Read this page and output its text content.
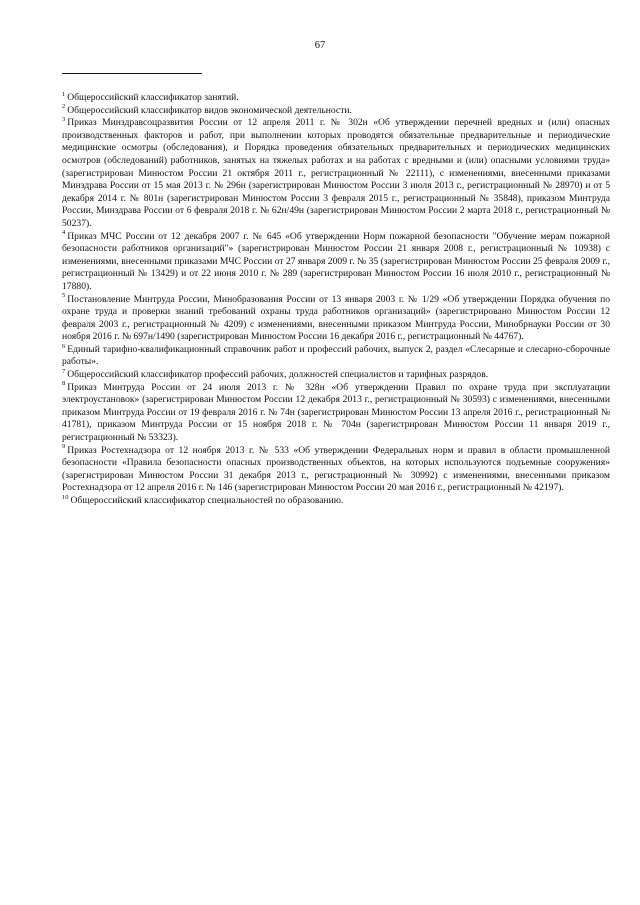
67

$^1$ Общероссийский классификатор занятий.

$^2$ Общероссийский классификатор видов экономической деятельности.

$^3$ Приказ Минздравсоцразвития России от 12 апреля 2011 г. № 302н «Об утверждении перечней вредных и (или) опасных производственных факторов и работ, при выполнении которых проводятся обязательные предварительные и периодические медицинские осмотры (обследования), и Порядка проведения обязательных предварительных и периодических медицинских осмотров (обследований) работников, занятых на тяжелых работах и на работах с вредными и (или) опасными условиями труда» (зарегистрирован Минюстом России 21 октября 2011 г., регистрационный № 22111), с изменениями, внесенными приказами Минздрава России от 15 мая 2013 г. № 296н (зарегистрирован Минюстом России 3 июля 2013 г., регистрационный № 28970) и от 5 декабря 2014 г. № 801н (зарегистрирован Минюстом России 3 февраля 2015 г., регистрационный № 35848), приказом Минтруда России, Минздрава России от 6 февраля 2018 г. № 62н/49н (зарегистрирован Минюстом России 2 марта 2018 г., регистрационный № 50237).

$^4$ Приказ МЧС России от 12 декабря 2007 г. № 645 «Об утверждении Норм пожарной безопасности "Обучение мерам пожарной безопасности работников организаций"» (зарегистрирован Минюстом России 21 января 2008 г., регистрационный № 10938) с изменениями, внесенными приказами МЧС России от 27 января 2009 г. № 35 (зарегистрирован Минюстом России 25 февраля 2009 г., регистрационный № 13429) и от 22 июня 2010 г. № 289 (зарегистрирован Минюстом России 16 июля 2010 г., регистрационный № 17880).

$^5$ Постановление Минтруда России, Минобразования России от 13 января 2003 г. № 1/29 «Об утверждении Порядка обучения по охране труда и проверки знаний требований охраны труда работников организаций» (зарегистрировано Минюстом России 12 февраля 2003 г., регистрационный № 4209) с изменениями, внесенными приказом Минтруда России, Минобрнауки России от 30 ноября 2016 г. № 697н/1490 (зарегистрирован Минюстом России 16 декабря 2016 г., регистрационный № 44767).

$^6$ Единый тарифно-квалификационный справочник работ и профессий рабочих, выпуск 2, раздел «Слесарные и слесарно-сборочные работы».

$^7$ Общероссийский классификатор профессий рабочих, должностей специалистов и тарифных разрядов.

$^8$ Приказ Минтруда России от 24 июля 2013 г. № 328н «Об утверждении Правил по охране труда при эксплуатации электроустановок» (зарегистрирован Минюстом России 12 декабря 2013 г., регистрационный № 30593) с изменениями, внесенными приказом Минтруда России от 19 февраля 2016 г. № 74н (зарегистрирован Минюстом России 13 апреля 2016 г., регистрационный № 41781), приказом Минтруда России от 15 ноября 2018 г. № 704н (зарегистрирован Минюстом России 11 января 2019 г., регистрационный № 53323).

$^9$ Приказ Ростехнадзора от 12 ноября 2013 г. № 533 «Об утверждении Федеральных норм и правил в области промышленной безопасности «Правила безопасности опасных производственных объектов, на которых используются подъемные сооружения» (зарегистрирован Минюстом России 31 декабря 2013 г., регистрационный № 30992) с изменениями, внесенными приказом Ростехнадзора от 12 апреля 2016 г. № 146 (зарегистрирован Минюстом России 20 мая 2016 г., регистрационный № 42197).

$^{10}$ Общероссийский классификатор специальностей по образованию.
